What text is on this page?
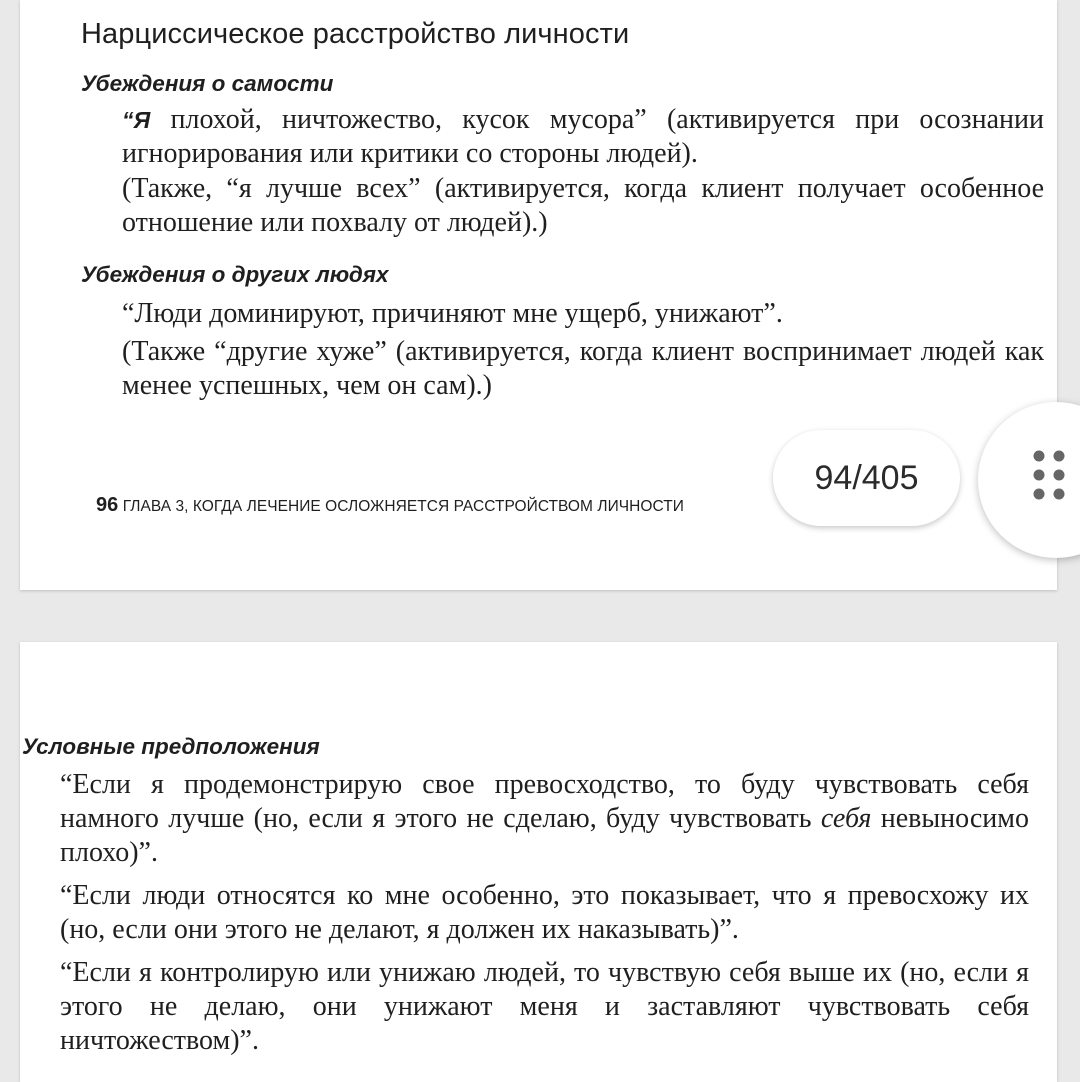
Нарциссическое расстройство личности
Убеждения о самости
“Я плохой, ничтожество, кусок мусора” (активируется при осознании игнорирования или критики со стороны людей).
(Также, “я лучше всех” (активируется, когда клиент получает особенное отношение или похвалу от людей).)
Убеждения о других людях
“Люди доминируют, причиняют мне ущерб, унижают”.
(Также “другие хуже” (активируется, когда клиент воспринимает людей как менее успешных, чем он сам).)
96 ГЛАВА 3, КОГДА ЛЕЧЕНИЕ ОСЛОЖНЯЕТСЯ РАССТРОЙСТВОМ ЛИЧНОСТИ
Условные предположения
“Если я продемонстрирую свое превосходство, то буду чувствовать себя намного лучше (но, если я этого не сделаю, буду чувствовать себя невыносимо плохо)”.
“Если люди относятся ко мне особенно, это показывает, что я превосхожу их (но, если они этого не делают, я должен их наказывать)”.
“Если я контролирую или унижаю людей, то чувствую себя выше их (но, если я этого не делаю, они унижают меня и заставляют чувствовать себя ничтожеством)”.
94/405
